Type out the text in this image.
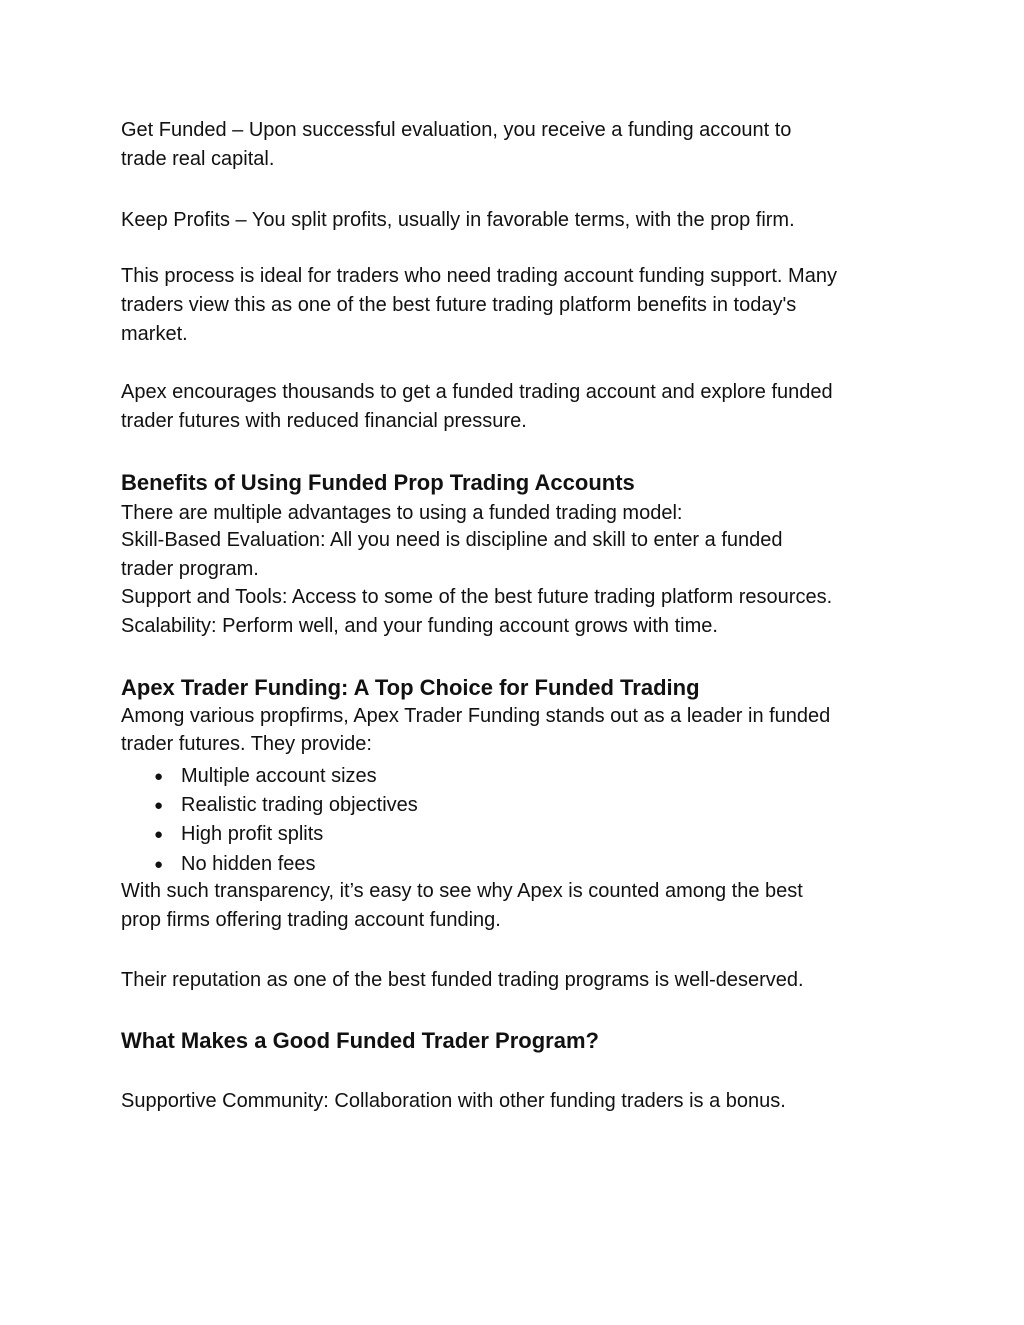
Get Funded – Upon successful evaluation, you receive a funding account to
trade real capital.
Keep Profits – You split profits, usually in favorable terms, with the prop firm.
This process is ideal for traders who need trading account funding support. Many
traders view this as one of the best future trading platform benefits in today's
market.
Apex encourages thousands to get a funded trading account and explore funded
trader futures with reduced financial pressure.
Benefits of Using Funded Prop Trading Accounts
There are multiple advantages to using a funded trading model:
Skill-Based Evaluation: All you need is discipline and skill to enter a funded
trader program.
Support and Tools: Access to some of the best future trading platform resources.
Scalability: Perform well, and your funding account grows with time.
Apex Trader Funding: A Top Choice for Funded Trading
Among various propfirms, Apex Trader Funding stands out as a leader in funded
trader futures. They provide:
● Multiple account sizes
● Realistic trading objectives
● High profit splits
● No hidden fees
With such transparency, it’s easy to see why Apex is counted among the best
prop firms offering trading account funding.
Their reputation as one of the best funded trading programs is well-deserved.
What Makes a Good Funded Trader Program?
Supportive Community: Collaboration with other funding traders is a bonus.
